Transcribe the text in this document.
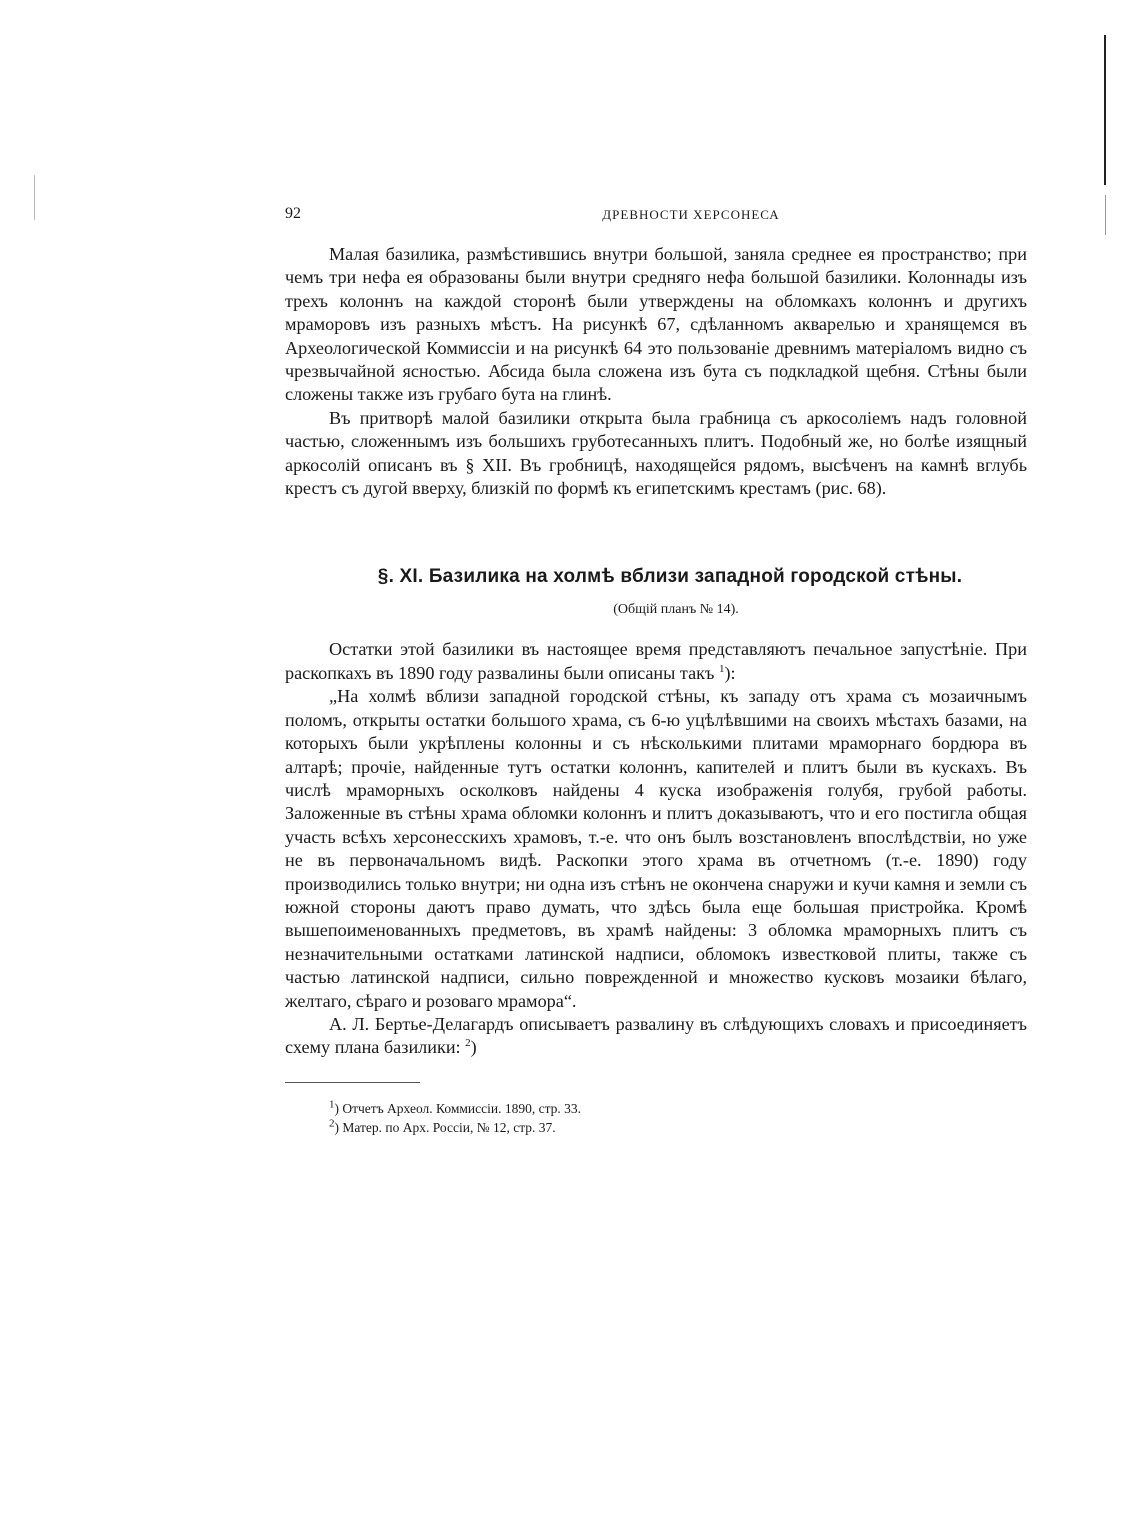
92	ДРЕВНОСТИ ХЕРСОНЕСА

Малая базилика, размѣстившись внутри большой, заняла среднее ея пространство; при чемъ три нефа ея образованы были внутри средняго нефа большой базилики. Колоннады изъ трехъ колоннъ на каждой сторонѣ были утверждены на обломкахъ колоннъ и другихъ мраморовъ изъ разныхъ мѣстъ. На рисункѣ 67, сдѣланномъ акварелью и хранящемся въ Археологической Коммиссіи и на рисункѣ 64 это пользованіе древнимъ матеріаломъ видно съ чрезвычайной ясностью. Абсида была сложена изъ бута съ подкладкой щебня. Стѣны были сложены также изъ грубаго бута на глинѣ.

Въ притворѣ малой базилики открыта была грабница съ аркосоліемъ надъ головной частью, сложеннымъ изъ большихъ груботесанныхъ плитъ. Подобный же, но болѣе изящный аркосолій описанъ въ § XII. Въ гробницѣ, находящейся рядомъ, высѣченъ на камнѣ вглубь крестъ съ дугой вверху, близкій по формѣ къ египетскимъ крестамъ (рис. 68).

§. XI. Базилика на холмѣ вблизи западной городской стѣны.
(Общій планъ № 14).

Остатки этой базилики въ настоящее время представляютъ печальное запустѣніе. При раскопкахъ въ 1890 году развалины были описаны такъ $^1$):

„На холмѣ вблизи западной городской стѣны, къ западу отъ храма съ мозаичнымъ поломъ, открыты остатки большого храма, съ 6-ю уцѣлѣвшими на своихъ мѣстахъ базами, на которыхъ были укрѣплены колонны и съ нѣсколькими плитами мраморнаго бордюра въ алтарѣ; прочіе, найденные тутъ остатки колоннъ, капителей и плитъ были въ кускахъ. Въ числѣ мраморныхъ осколковъ найдены 4 куска изображенія голубя, грубой работы. Заложенные въ стѣны храма обломки колоннъ и плитъ доказываютъ, что и его постигла общая участь всѣхъ херсонесскихъ храмовъ, т.-е. что онъ былъ возстановленъ впослѣдствіи, но уже не въ первоначальномъ видѣ. Раскопки этого храма въ отчетномъ (т.-е. 1890) году производились только внутри; ни одна изъ стѣнъ не окончена снаружи и кучи камня и земли съ южной стороны даютъ право думать, что здѣсь была еще большая пристройка. Кромѣ вышепоименованныхъ предметовъ, въ храмѣ найдены: 3 обломка мраморныхъ плитъ съ незначительными остатками латинской надписи, обломокъ известковой плиты, также съ частью латинской надписи, сильно поврежденной и множество кусковъ мозаики бѣлаго, желтаго, сѣраго и розоваго мрамора“.

А. Л. Бертье-Делагардъ описываетъ развалину въ слѣдующихъ словахъ и присоединяетъ схему плана базилики: $^2$)

$^1$) Отчетъ Археол. Коммиссіи. 1890, стр. 33.
$^2$) Матер. по Арх. Россіи, № 12, стр. 37.
